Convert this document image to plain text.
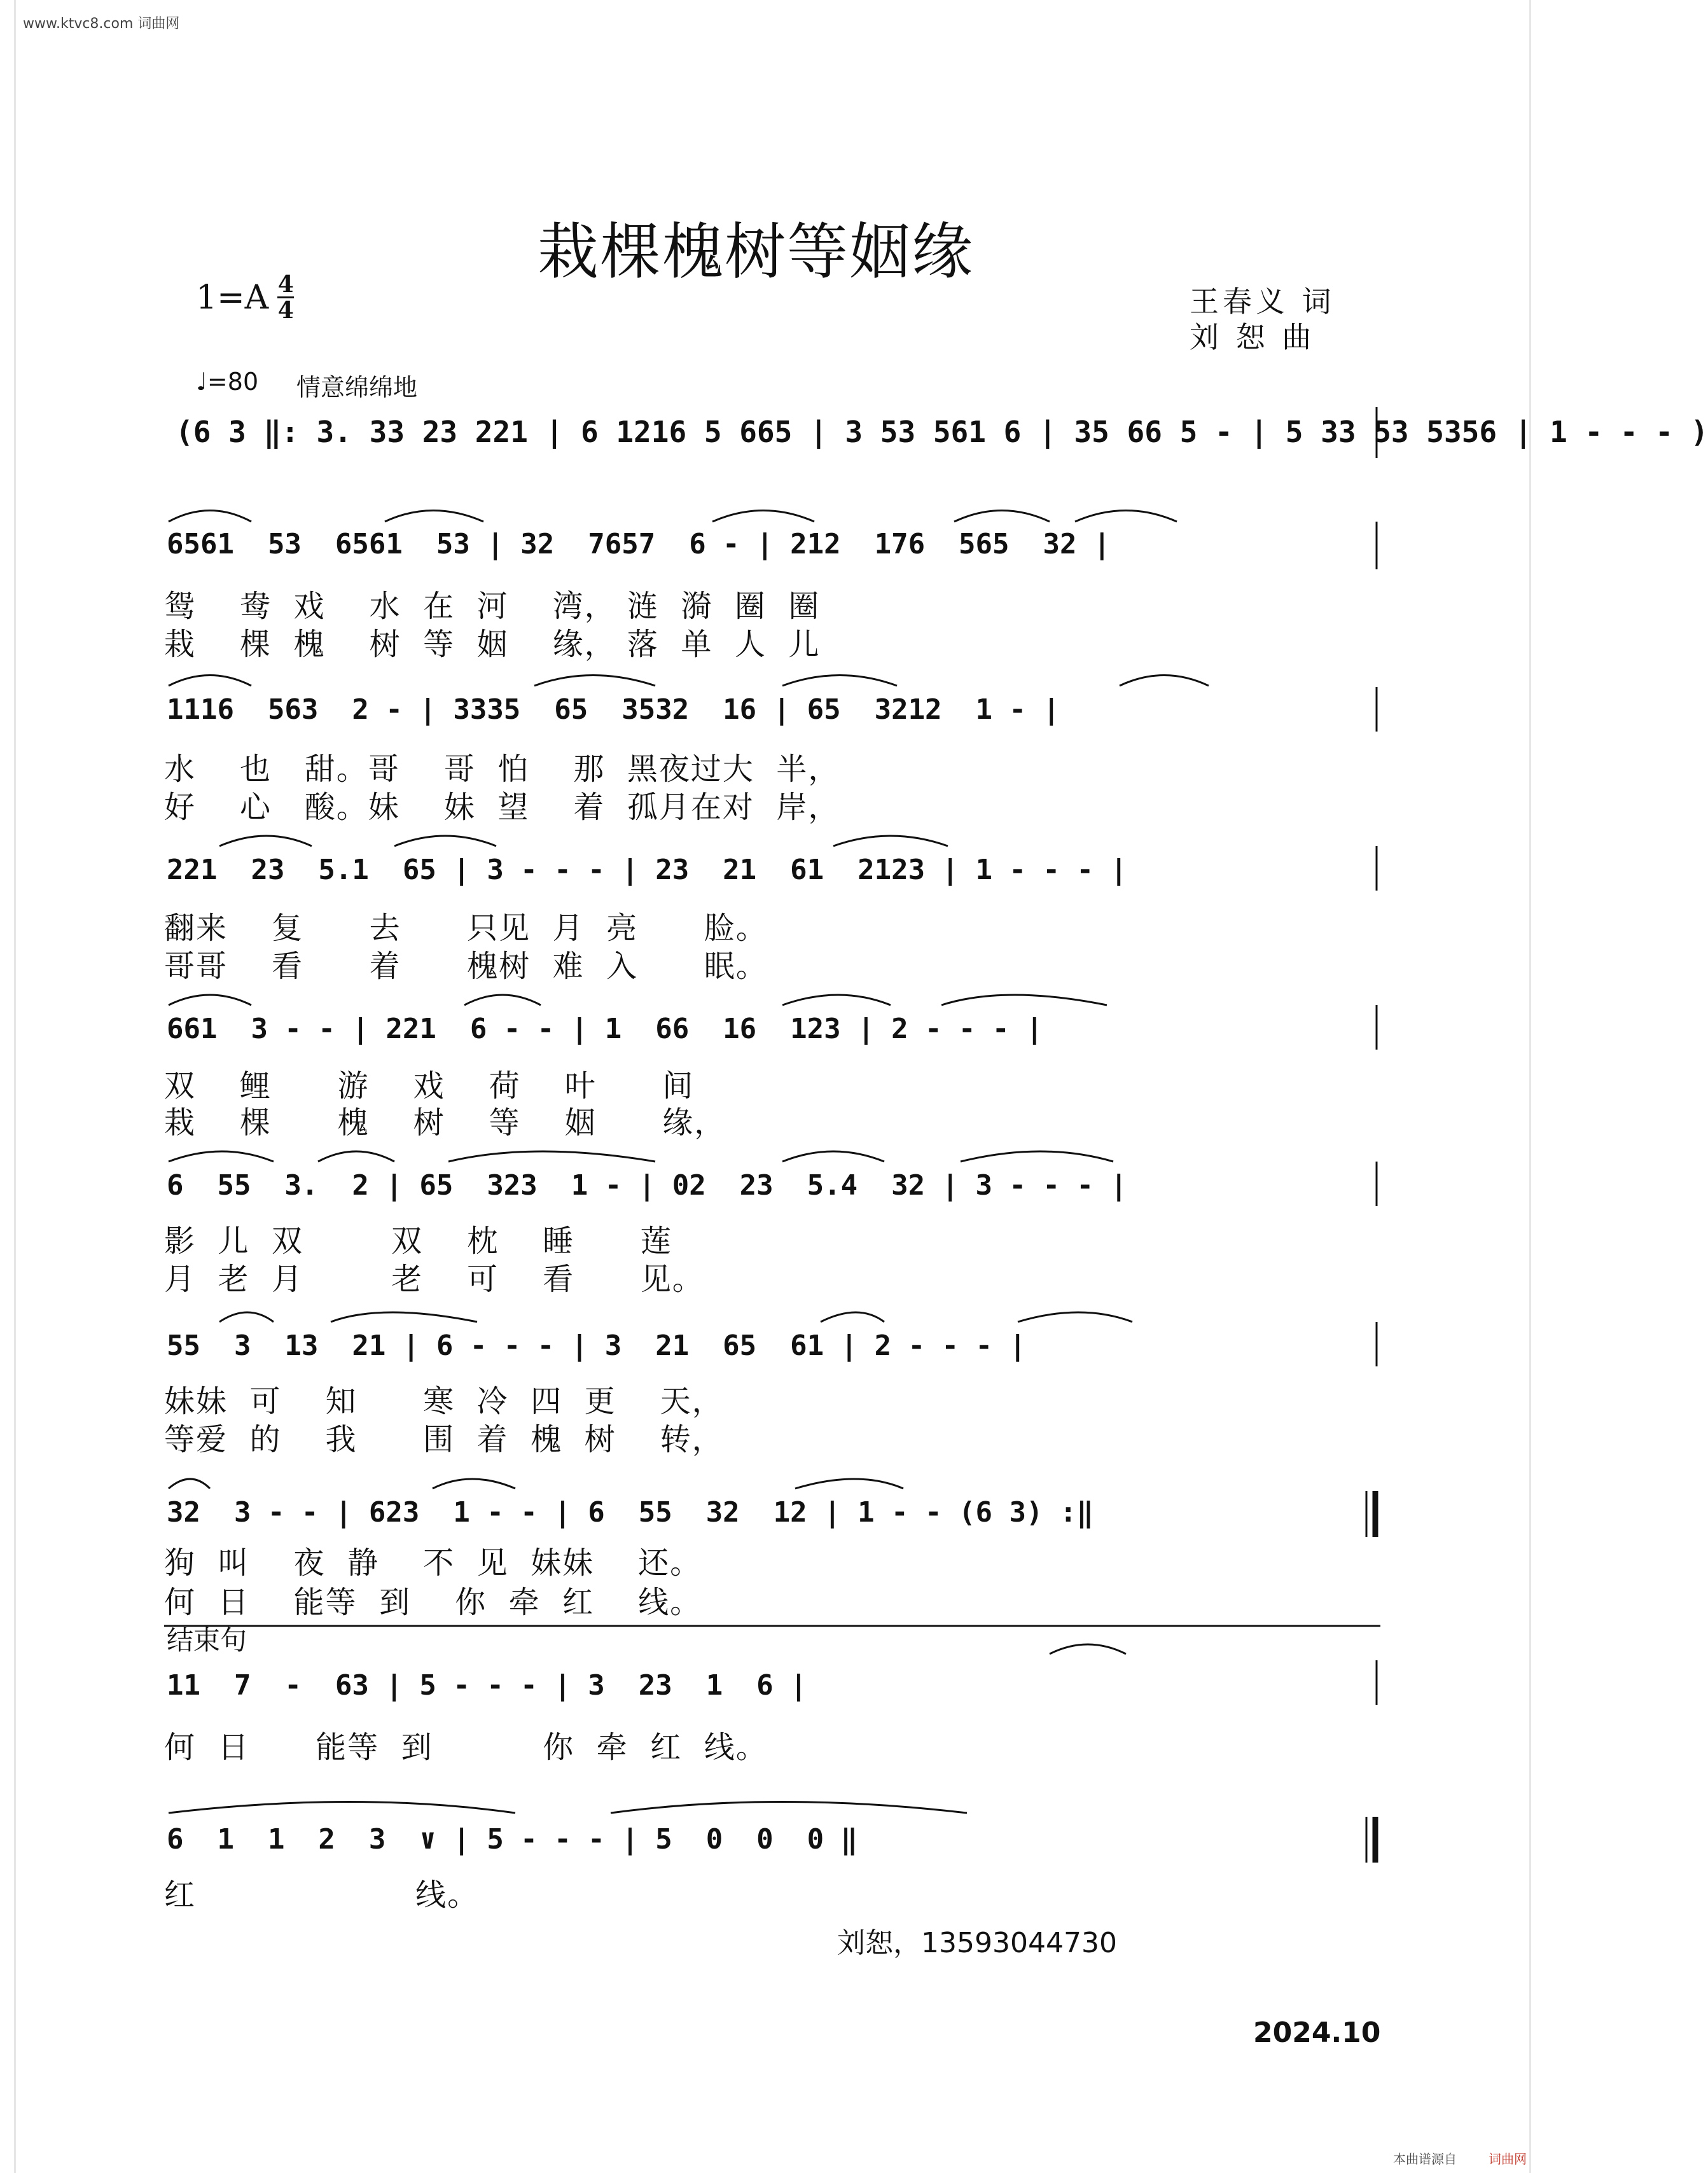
www.ktvc8.com 词曲网
栽棵槐树等姻缘
$1=A \frac{4}{4}$	王春义 词
刘 恕 曲
♩=80 情意绵绵地
(6 3 ‖: 3. 33 23 221 | 6 1216 5 665 | 3 53 561 6 | 35 66 5 - | 5 33 53 5356 | 1 - - - )
6561  53  6561  53 | 32  7657  6 - | 212  176  565  32 |
鸳    鸯  戏    水  在  河    湾， 涟  漪  圈  圈
栽    棵  槐    树  等  姻    缘， 落  单  人  儿
1116  563  2 - | 3335  65  3532  16 | 65  3212  1 - |
水    也   甜。哥    哥  怕    那  黑夜过大  半，
好    心   酸。妹    妹  望    着  孤月在对  岸，
221  23  5.1  65 | 3 - - - | 23  21  61  2123 | 1 - - - |
翻来    复      去      只见  月  亮      脸。
哥哥    看      着      槐树  难  入      眠。
661  3 - - | 221  6 - - | 1  66  16  123 | 2 - - - |
双    鲤      游    戏    荷    叶      间
栽    棵      槐    树    等    姻      缘，
6  55  3.  2 | 65  323  1 - | 02  23  5.4  32 | 3 - - - |
影  儿  双        双    枕    睡      莲
月  老  月        老    可    看      见。
55  3  13  21 | 6 - - - | 3  21  65  61 | 2 - - - |
妹妹  可    知      寒  冷  四  更    天，
等爱  的    我      围  着  槐  树    转，
32  3 - - | 623  1 - - | 6  55  32  12 | 1 - - (6 3) :‖
狗  叫    夜  静    不  见  妹妹    还。
何  日    能等  到    你  牵  红    线。
结束句
11  7  -  63 | 5 - - - | 3  23  1  6 |
何  日      能等  到          你  牵  红  线。
6  1  1  2  3  ∨ | 5 - - - | 5  0  0  0 ‖
红                    线。
刘恕，13593044730
2024.10
本曲谱源自	词曲网
